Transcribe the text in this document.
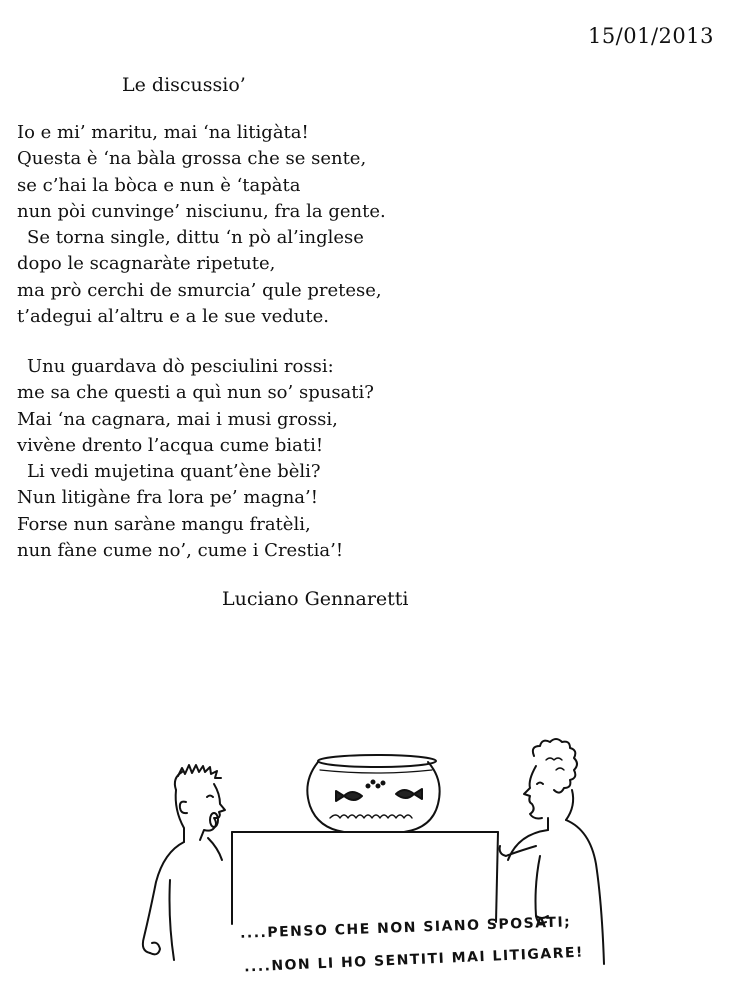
15/01/2013
Le discussio’
Io e mi’ maritu, mai ‘na litigàta!
Questa è ‘na bàla grossa che se sente,
se c’hai la bòca e nun è ‘tapàta
nun pòi cunvinge’ nisciunu, fra la gente.
Se torna single, dittu ‘n pò al’inglese
dopo le scagnaràte ripetute,
ma prò cerchi de smurcia’ qule pretese,
t’adegui al’altru e a le sue vedute.
Unu guardava dò pesciulini rossi:
me sa che questi a quì nun so’ spusati?
Mai ‘na cagnara, mai i musi grossi,
vivène drento l’acqua cume biati!
Li vedi mujetina quant’ène bèli?
Nun litigàne fra lora pe’ magna’!
Forse nun saràne mangu fratèli,
nun fàne cume no’, cume i Crestia’!
Luciano Gennaretti
....PENSO CHE NON SIANO SPOSATI;
....NON LI HO SENTITI MAI LITIGARE!
